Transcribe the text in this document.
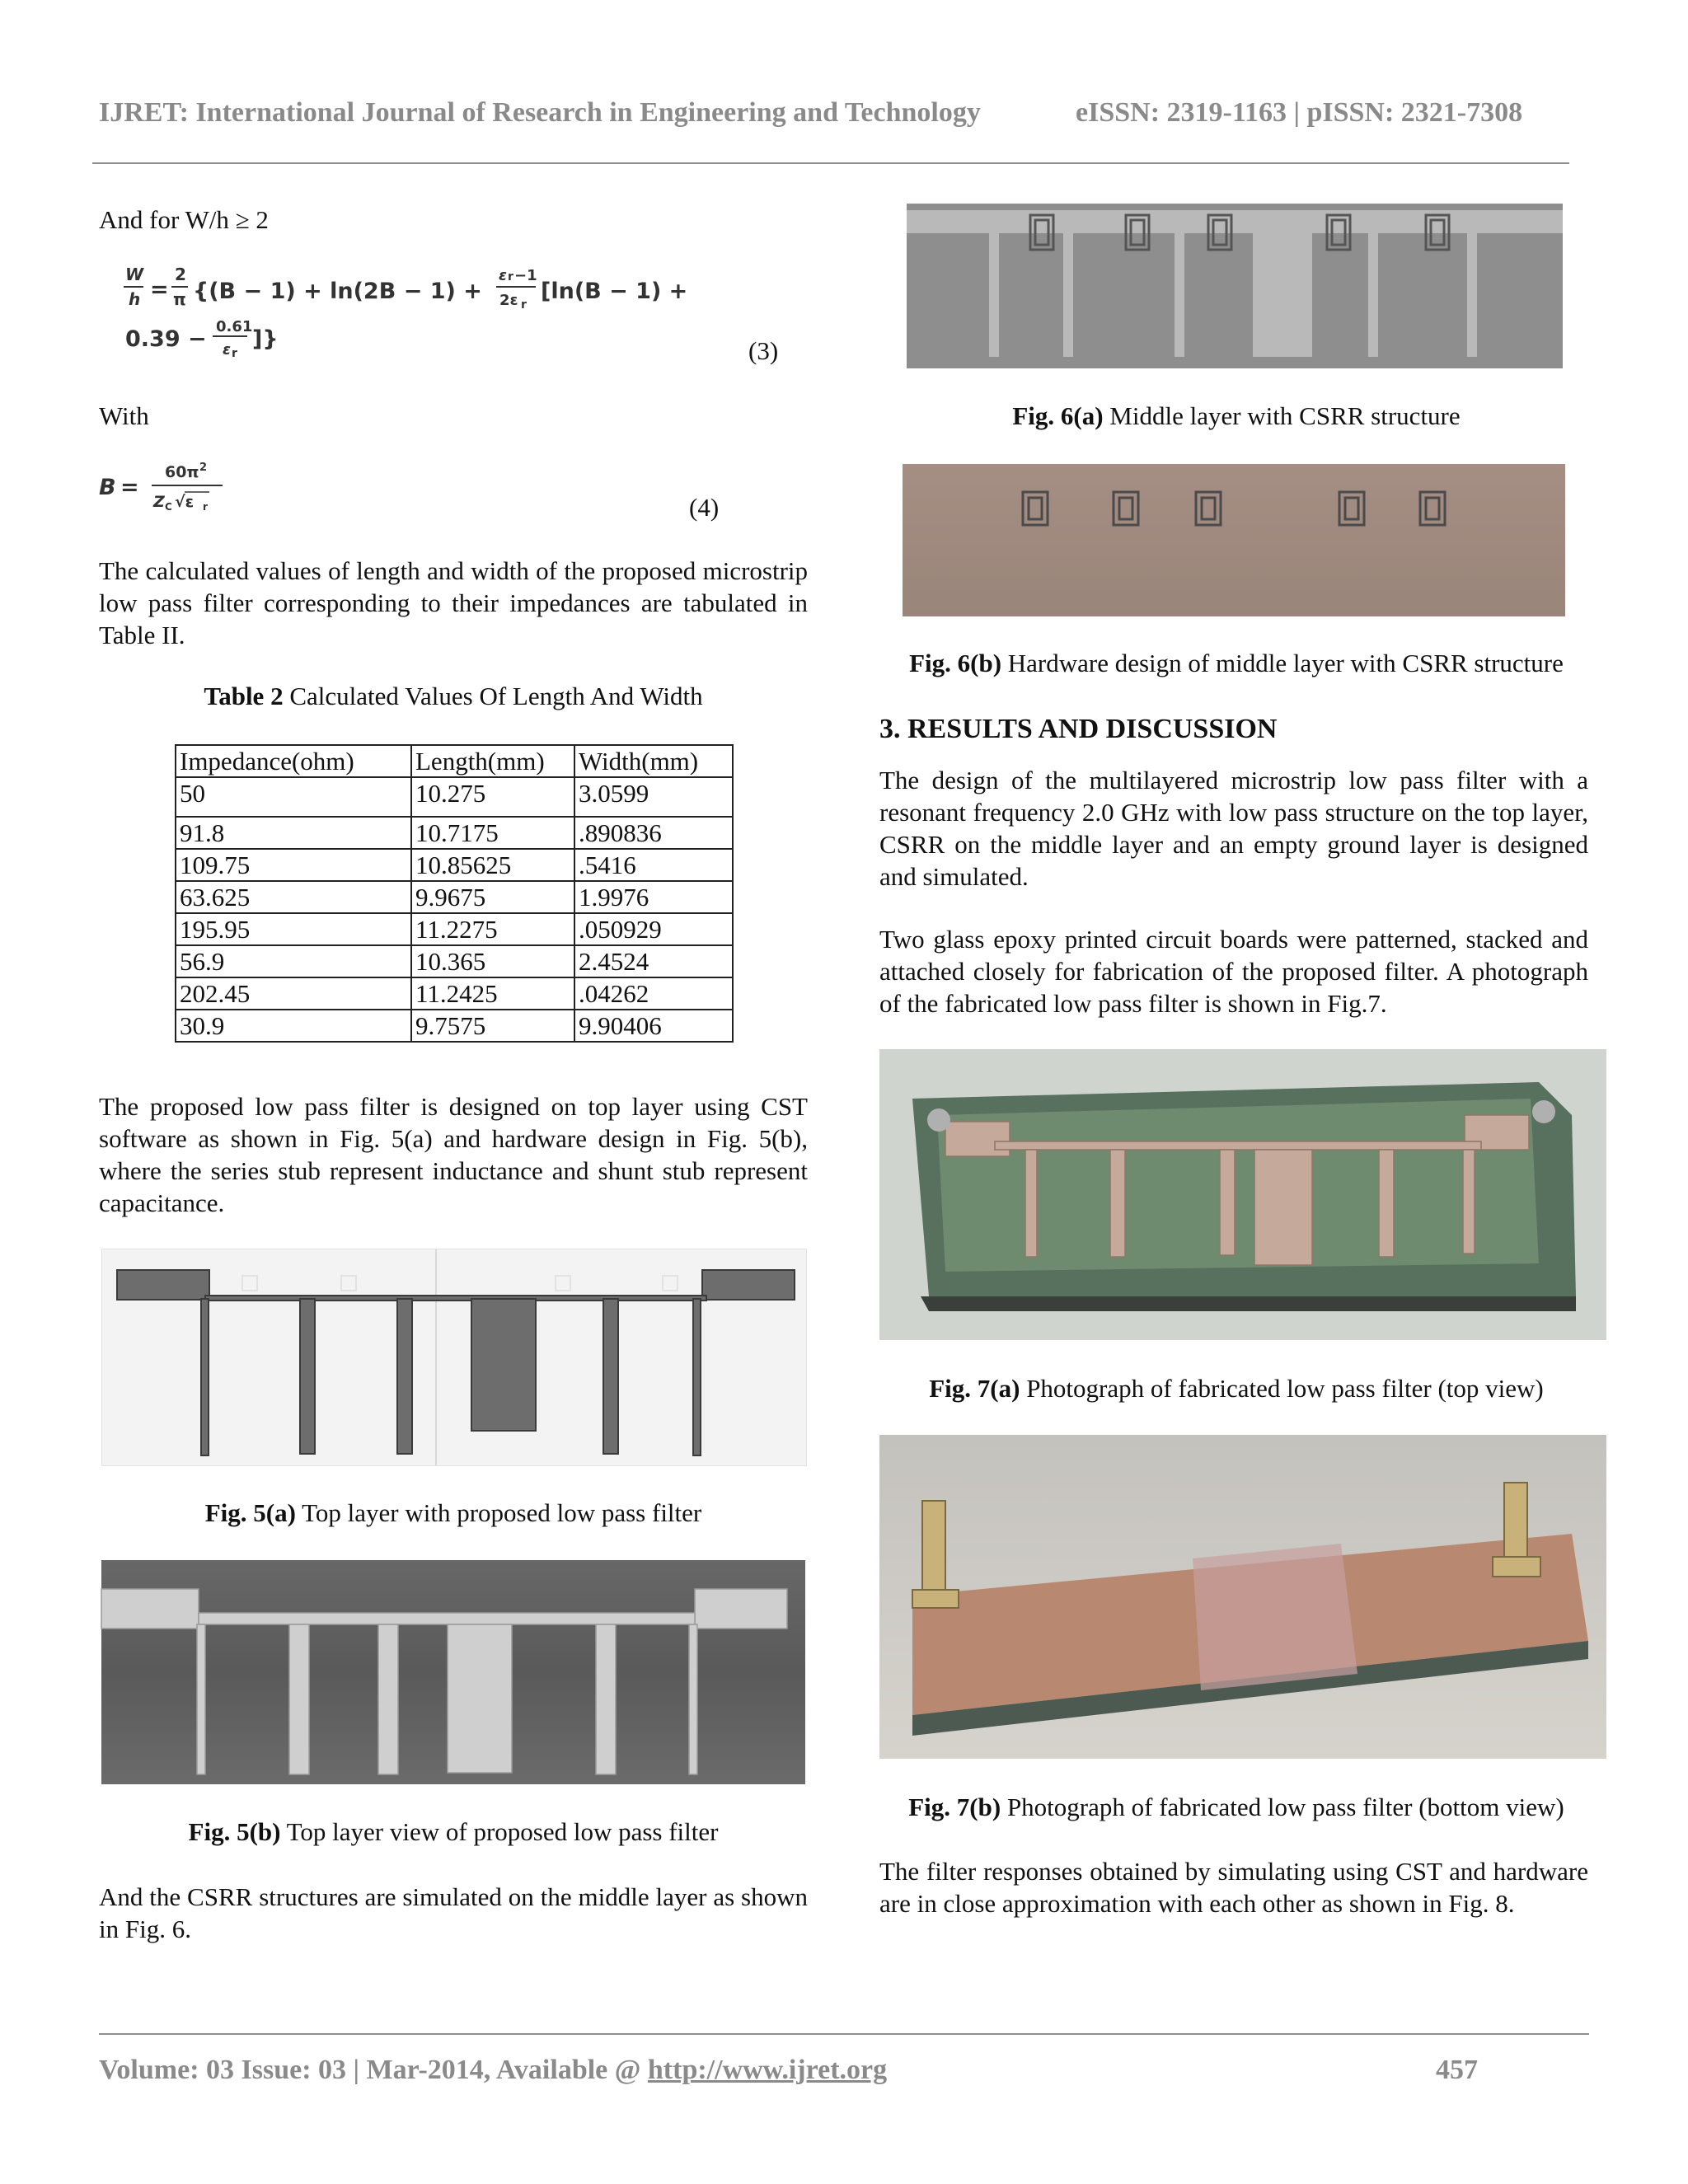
IJRET: International Journal of Research in Engineering and Technology	eISSN: 2319-1163 | pISSN: 2321-7308
And for W/h ≥ 2
W
h =
2
π {(B − 1) + ln(2B − 1) +
ε r −1
2ε r
[ln(B − 1) +
0.39 − 0.61
ε r
]}	(3)
With
B =
60π 2
Z C √ε r	(4)
The calculated values of length and width of the proposed microstrip low pass filter corresponding to their impedances are tabulated in Table II.
Table 2 Calculated Values Of Length And Width
Impedance(ohm)	Length(mm)	Width(mm)
50	10.275	3.0599
91.8	10.7175	.890836
109.75	10.85625	.5416
63.625	9.9675	1.9976
195.95	11.2275	.050929
56.9	10.365	2.4524
202.45	11.2425	.04262
30.9	9.7575	9.90406
The proposed low pass filter is designed on top layer using CST software as shown in Fig. 5(a) and hardware design in Fig. 5(b), where the series stub represent inductance and shunt stub represent capacitance.
Fig. 5(a) Top layer with proposed low pass filter
Fig. 5(b) Top layer view of proposed low pass filter
And the CSRR structures are simulated on the middle layer as shown in Fig. 6.
Fig. 6(a) Middle layer with CSRR structure
Fig. 6(b) Hardware design of middle layer with CSRR structure
3. RESULTS AND DISCUSSION
The design of the multilayered microstrip low pass filter with a resonant frequency 2.0 GHz with low pass structure on the top layer, CSRR on the middle layer and an empty ground layer is designed and simulated.
Two glass epoxy printed circuit boards were patterned, stacked and attached closely for fabrication of the proposed filter. A photograph of the fabricated low pass filter is shown in Fig.7.
Fig. 7(a) Photograph of fabricated low pass filter (top view)
Fig. 7(b) Photograph of fabricated low pass filter (bottom view)
The filter responses obtained by simulating using CST and hardware are in close approximation with each other as shown in Fig. 8.
Volume: 03 Issue: 03 | Mar-2014, Available @ http://www.ijret.org	457
